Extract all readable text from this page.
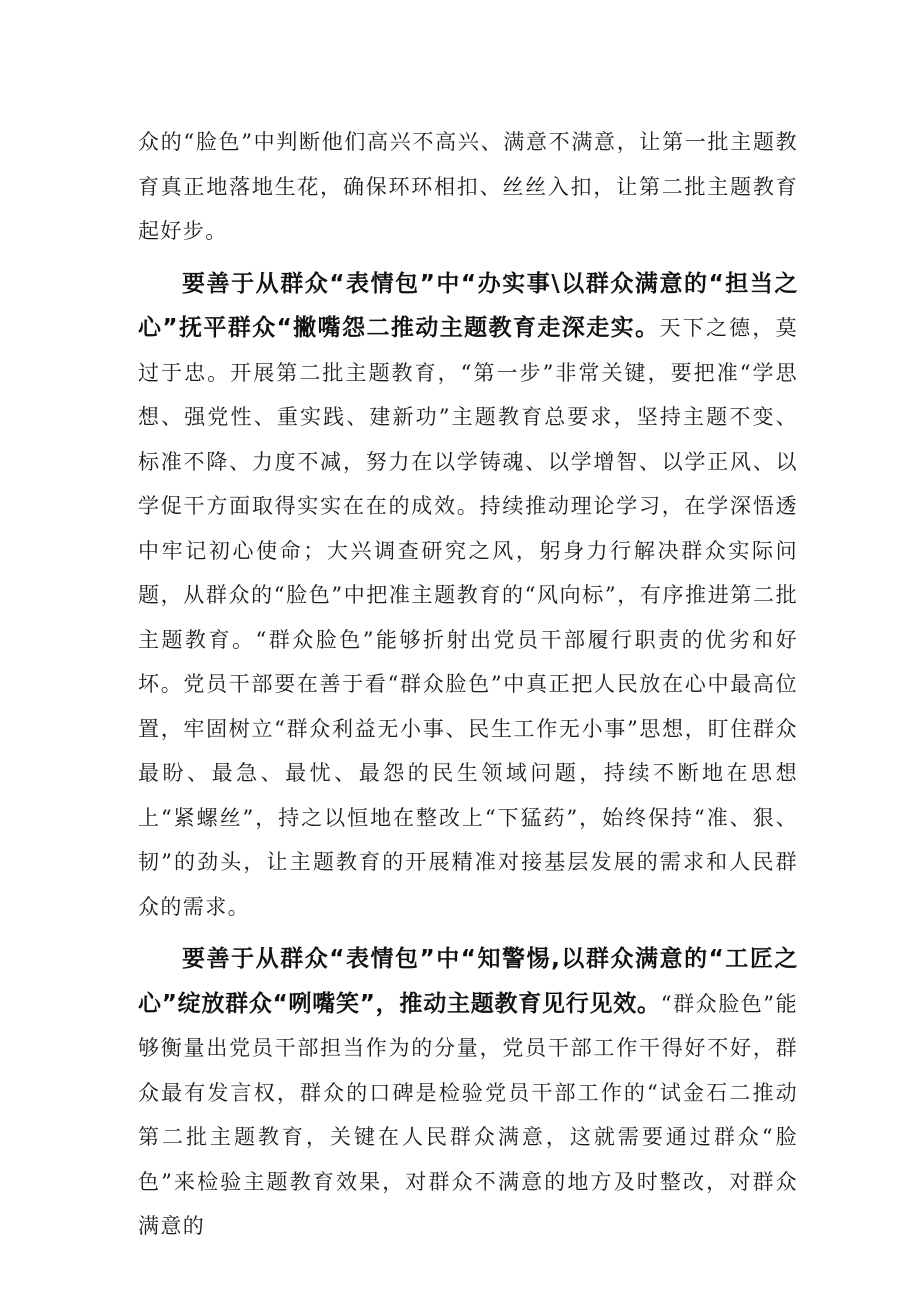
众的“脸色”中判断他们高兴不高兴、满意不满意，让第一批主题教育真正地落地生花，确保环环相扣、丝丝入扣，让第二批主题教育起好步。

要善于从群众“表情包”中“办实事\以群众满意的“担当之心”抚平群众“撇嘴怨二推动主题教育走深走实。天下之德，莫过于忠。开展第二批主题教育，“第一步”非常关键，要把准“学思想、强党性、重实践、建新功”主题教育总要求，坚持主题不变、标准不降、力度不减，努力在以学铸魂、以学增智、以学正风、以学促干方面取得实实在在的成效。持续推动理论学习，在学深悟透中牢记初心使命；大兴调查研究之风，躬身力行解决群众实际问题，从群众的“脸色”中把准主题教育的“风向标”，有序推进第二批主题教育。“群众脸色”能够折射出党员干部履行职责的优劣和好坏。党员干部要在善于看“群众脸色”中真正把人民放在心中最高位置，牢固树立“群众利益无小事、民生工作无小事”思想，盯住群众最盼、最急、最忧、最怨的民生领域问题，持续不断地在思想上“紧螺丝”，持之以恒地在整改上“下猛药”，始终保持“准、狠、韧”的劲头，让主题教育的开展精准对接基层发展的需求和人民群众的需求。

要善于从群众“表情包”中“知警惕,以群众满意的“工匠之心”绽放群众“咧嘴笑”，推动主题教育见行见效。“群众脸色”能够衡量出党员干部担当作为的分量，党员干部工作干得好不好，群众最有发言权，群众的口碑是检验党员干部工作的“试金石二推动第二批主题教育，关键在人民群众满意，这就需要通过群众“脸色”来检验主题教育效果，对群众不满意的地方及时整改，对群众满意的
